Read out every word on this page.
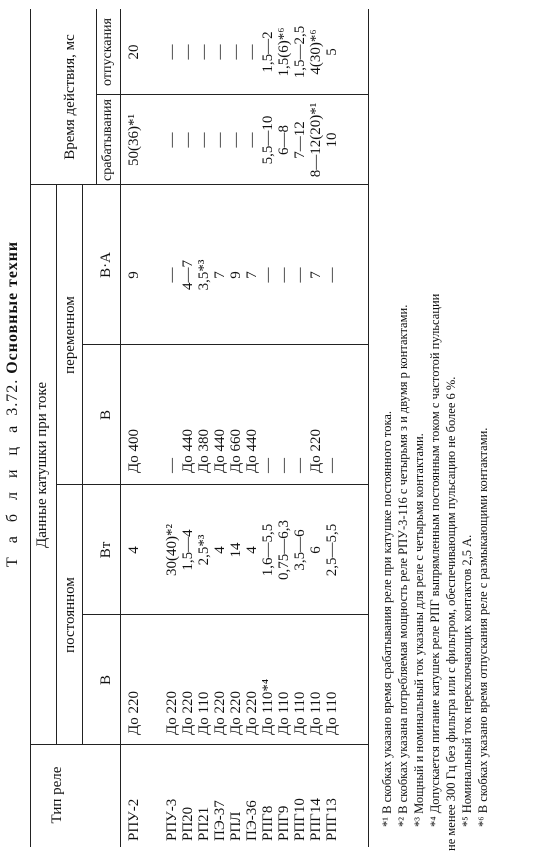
Т а б л и ц а 3.72. Основные техни
Тип реле
Данные катушки при токе
постоянном
переменном
Время действия, мс
В
Вт
В
В·А
срабатывания
отпускания
РПУ-2
До 220
4
До 400
9
50(36)*¹
20
РПУ-3
До 220
30(40)*²
—
—
—
—
РП20
До 220
1,5—4
До 440
4—7
—
—
РП21
До 110
2,5*³
До 380
3,5*³
—
—
ПЭ-37
До 220
4
До 440
7
—
—
РПЛ
До 220
14
До 660
9
—
—
ПЭ-36
До 220
4
До 440
7
—
—
РПГ8
До 110*⁴
1,6—5,5
—
—
5,5—10
1,5—2
РПГ9
До 110
0,75—6,3
—
—
6—8
1,5(6)*⁶
РПГ10
До 110
3,5—6
—
—
7—12
1,5—2,5
РПГ14
До 110
6
До 220
7
8—12(20)*¹
4(30)*⁶
РПГ13
До 110
2,5—5,5
—
—
10
5
*¹ В скобках указано время срабатывания реле при катушке постоянного тока. *² В скобках указана потребляемая мощность реле РПУ-3-116 с четырьмя з и двумя р контактами. *³ Мощный и номинальный ток указаны для реле с четырьмя контактами. *⁴ Допускается питание катушек реле РПГ выпрямленным постоянным током с частотой пульсации не менее 300 Гц без фильтра или с фильтром, обеспечивающим пульсацию не более 6 %. *⁵ Номинальный ток переключающих контактов 2,5 А. *⁶ В скобках указано время отпускания реле с размыкающими контактами.
